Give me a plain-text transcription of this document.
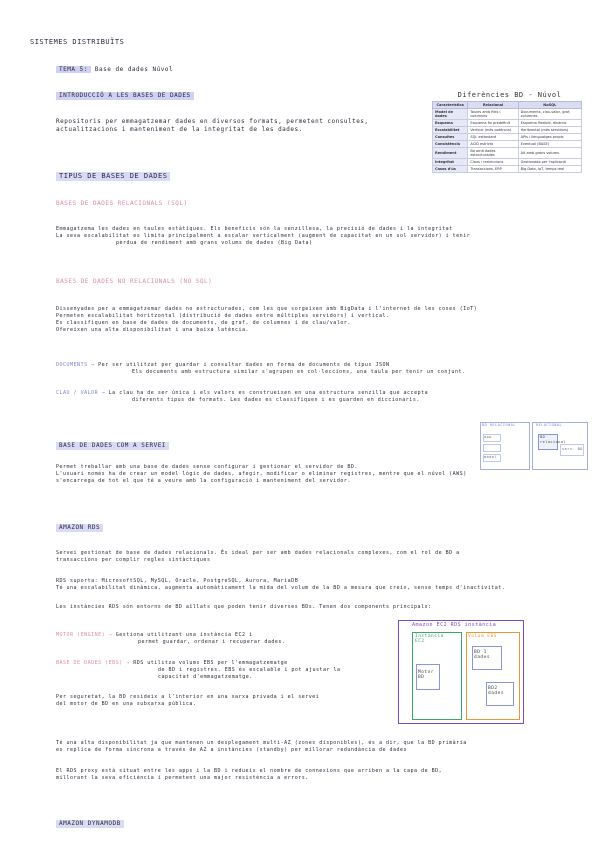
SISTEMES DISTRIBUÏTS
TEMA 5: Base de dades Núvol
INTRODUCCIÓ A LES BASES DE DADES
Repositoris per emmagatzemar dades en diversos formats, permetent consultes, actualitzacions i manteniment de la integritat de les dades.
Diferències BD - Núvol
Característica	Relacional	NoSQL
Model de dades	Taules amb files i columnes	Documents, clau-valor, graf, columnes
Esquema	Esquema fix predefinit	Esquema flexible, dinàmic
Escalabilitat	Vertical (més potència)	Horitzontal (més servidors)
Consultes	SQL estàndard	APIs i llenguatges propis
Consistència	ACID estricta	Eventual (BASE)
Rendiment	Bo amb dades estructurades	Alt amb grans volums
Integritat	Claus i restriccions	Gestionada per l'aplicació
Casos d'ús	Transaccions, ERP	Big Data, IoT, temps real
TIPUS DE BASES DE DADES
BASES DE DADES RELACIONALS (SQL)
Emmagatzema les dades en taules estàtiques. Els beneficis són la senzillesa, la precisió de dades i la integritat
La seva escalabilitat es limita principalment a escalar verticalment (augment de capacitat en un sol servidor) i tenir
pèrdua de rendiment amb grans volums de dades (Big Data)
BASES DE DADES NO RELACIONALS (NO SQL)
Dissenyades per a emmagatzemar dades no estructurades, com les que sorgeixen amb BigData i l'internet de les coses (IoT)
Permeten escalabilitat horitzontal (distribució de dades entre múltiples servidors) i vertical.
Es classifiquen en base de dades de documents, de graf, de columnes i de clau/valor.
Ofereixen una alta disponibilitat i una baixa latència.
DOCUMENTS → Per ser utilitzat per guardar i consultar dades en forma de documents de tipus JSON
Els documents amb estructura similar s'agrupen en col·leccions, una taula per tenir un conjunt.
CLAU / VALOR → La clau ha de ser única i els valors es construeixen en una estructura senzilla que accepta
diferents tipus de formats. Les dades es classifiquen i es guarden en diccionaris.
BASE DE DADES COM A SERVEI
Permet treballar amb una base de dades sense configurar i gestionar el servidor de BD.
L'usuari només ha de crear un model lògic de dades, afegir, modificar o eliminar registres, mentre que el núvol (AWS)
s'encarrega de tot el que té a veure amb la configuració i manteniment del servidor.
BD RELACIONAL
model
RELACIONAL
BD
relacional
serv. BD
app
AMAZON RDS
Servei gestionat de base de dades relacionals. És ideal per ser amb dades relacionals complexes, com el rol de BD a
transaccions per complir regles sintàctiques
RDS suporta: MicrosoftSQL, MySQL, Oracle, PostgreSQL, Aurora, MariaDB
Té una escalabilitat dinàmica, augmenta automàticament la mida del volum de la BD a mesura que creix, sense temps d'inactivitat.
Les instàncies RDS són entorns de BD aïllats que poden tenir diverses BDs. Tenen dos components principals:
MOTOR (ENGINE) → Gestiona utilitzant una instància EC2 i
permet guardar, ordenar i recuperar dades.
BASE DE DADES (EBS) → RDS utilitza volums EBS per l'emmagatzematge
de BD i registres. EBS és escalable i pot ajustar la
capacitat d'emmagatzematge.
Per seguretat, la BD resideix a l'interior en una xarxa privada i el servei
del motor de BD en una subxarxa pública.
Amazon EC2 RDS instància
Instància EC2
Motor BD
Volum EBS
BD 1 dades
BD2 dades
Té una alta disponibilitat ja que mantenen un desplegament multi-AZ (zones disponibles), és a dir, que la BD primària
es replica de forma síncrona a través de AZ a instàncies (standby) per millorar redundància de dades
El RDS proxy està situat entre les apps i la BD i redueix el nombre de connexions que arriben a la capa de BD,
millorant la seva eficiència i permetent una major resistència a errors.
AMAZON DYNAMODB
